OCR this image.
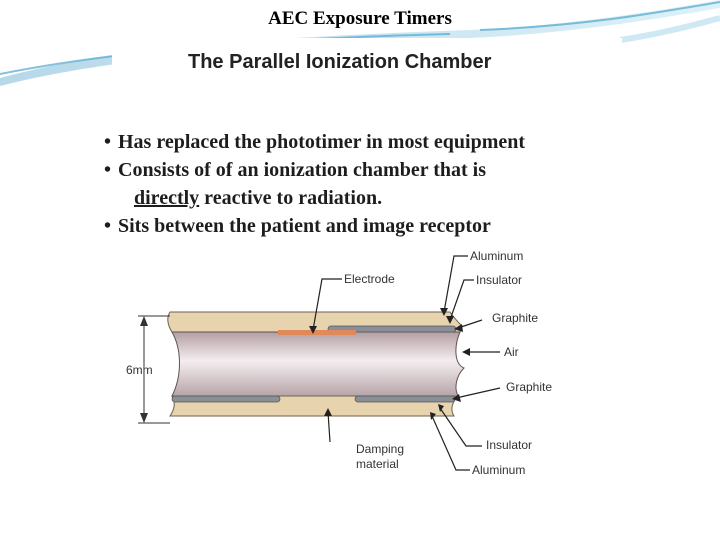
AEC Exposure Timers
The Parallel Ionization Chamber
• Has replaced the phototimer in most equipment
• Consists of of an ionization chamber that is
directly reactive to radiation.
• Sits between the patient and image receptor
6mm
Electrode
Aluminum
Insulator
Graphite
Air
Graphite
Insulator
Aluminum
Damping
material
